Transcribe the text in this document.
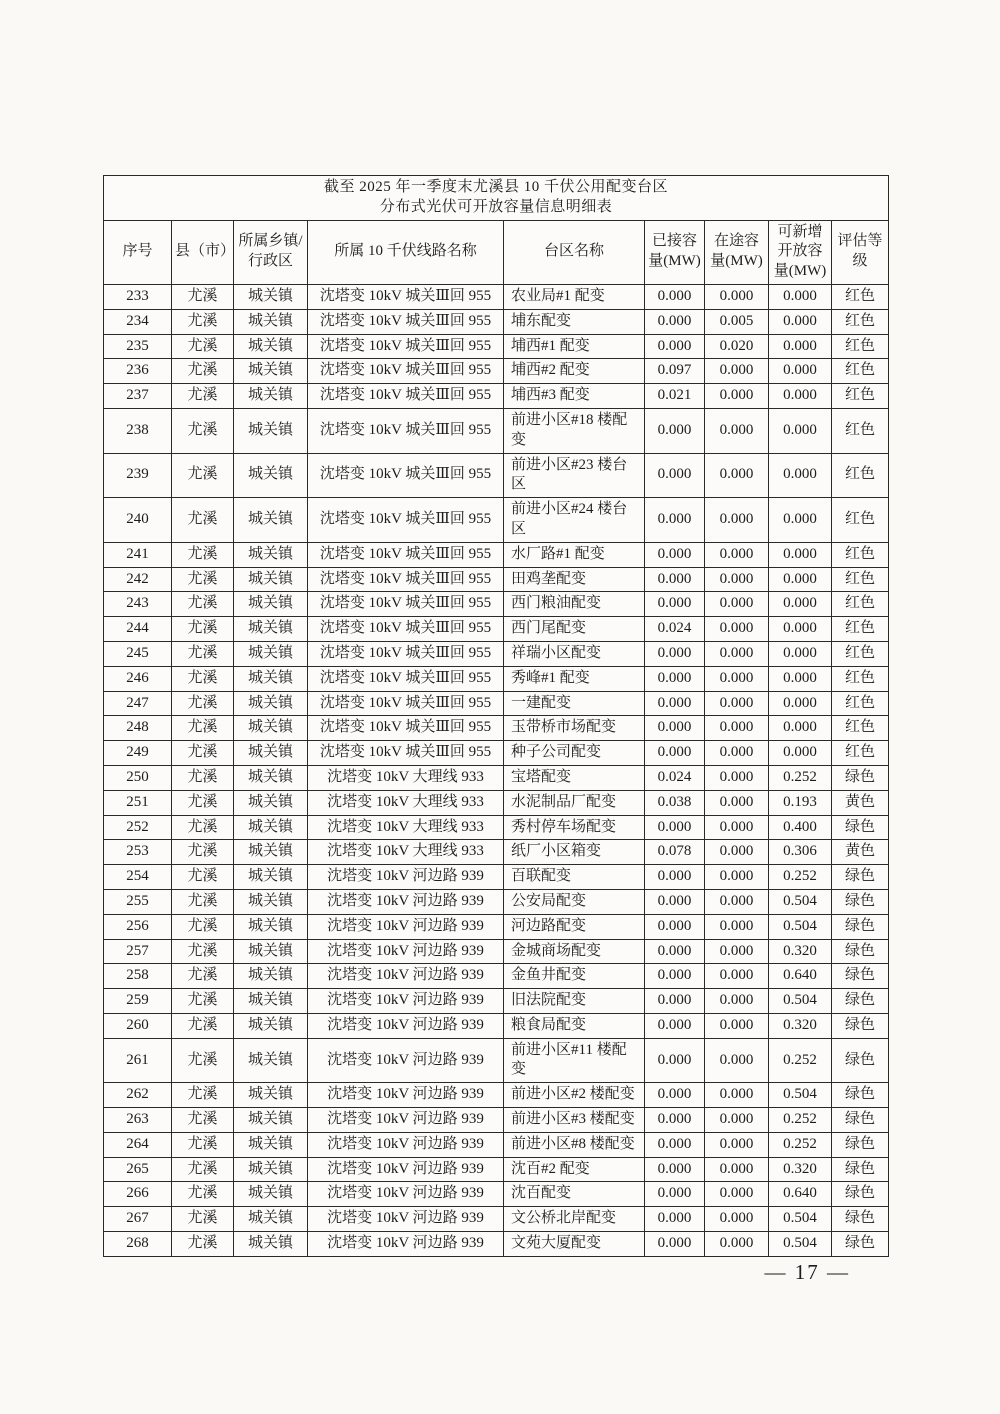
截至 2025 年一季度末尤溪县 10 千伏公用配变台区
分布式光伏可开放容量信息明细表								

序号	县（市）	所属乡镇/行政区	所属 10 千伏线路名称	台区名称	已接容量(MW)	在途容量(MW)	可新增开放容量(MW)	评估等级
233	尤溪	城关镇	沈塔变 10kV 城关Ⅲ回 955	农业局#1 配变	0.000	0.000	0.000	红色
234	尤溪	城关镇	沈塔变 10kV 城关Ⅲ回 955	埔东配变	0.000	0.005	0.000	红色
235	尤溪	城关镇	沈塔变 10kV 城关Ⅲ回 955	埔西#1 配变	0.000	0.020	0.000	红色
236	尤溪	城关镇	沈塔变 10kV 城关Ⅲ回 955	埔西#2 配变	0.097	0.000	0.000	红色
237	尤溪	城关镇	沈塔变 10kV 城关Ⅲ回 955	埔西#3 配变	0.021	0.000	0.000	红色
238	尤溪	城关镇	沈塔变 10kV 城关Ⅲ回 955	前进小区#18 楼配变	0.000	0.000	0.000	红色
239	尤溪	城关镇	沈塔变 10kV 城关Ⅲ回 955	前进小区#23 楼台区	0.000	0.000	0.000	红色
240	尤溪	城关镇	沈塔变 10kV 城关Ⅲ回 955	前进小区#24 楼台区	0.000	0.000	0.000	红色
241	尤溪	城关镇	沈塔变 10kV 城关Ⅲ回 955	水厂路#1 配变	0.000	0.000	0.000	红色
242	尤溪	城关镇	沈塔变 10kV 城关Ⅲ回 955	田鸡垄配变	0.000	0.000	0.000	红色
243	尤溪	城关镇	沈塔变 10kV 城关Ⅲ回 955	西门粮油配变	0.000	0.000	0.000	红色
244	尤溪	城关镇	沈塔变 10kV 城关Ⅲ回 955	西门尾配变	0.024	0.000	0.000	红色
245	尤溪	城关镇	沈塔变 10kV 城关Ⅲ回 955	祥瑞小区配变	0.000	0.000	0.000	红色
246	尤溪	城关镇	沈塔变 10kV 城关Ⅲ回 955	秀峰#1 配变	0.000	0.000	0.000	红色
247	尤溪	城关镇	沈塔变 10kV 城关Ⅲ回 955	一建配变	0.000	0.000	0.000	红色
248	尤溪	城关镇	沈塔变 10kV 城关Ⅲ回 955	玉带桥市场配变	0.000	0.000	0.000	红色
249	尤溪	城关镇	沈塔变 10kV 城关Ⅲ回 955	种子公司配变	0.000	0.000	0.000	红色
250	尤溪	城关镇	沈塔变 10kV 大理线 933	宝塔配变	0.024	0.000	0.252	绿色
251	尤溪	城关镇	沈塔变 10kV 大理线 933	水泥制品厂配变	0.038	0.000	0.193	黄色
252	尤溪	城关镇	沈塔变 10kV 大理线 933	秀村停车场配变	0.000	0.000	0.400	绿色
253	尤溪	城关镇	沈塔变 10kV 大理线 933	纸厂小区箱变	0.078	0.000	0.306	黄色
254	尤溪	城关镇	沈塔变 10kV 河边路 939	百联配变	0.000	0.000	0.252	绿色
255	尤溪	城关镇	沈塔变 10kV 河边路 939	公安局配变	0.000	0.000	0.504	绿色
256	尤溪	城关镇	沈塔变 10kV 河边路 939	河边路配变	0.000	0.000	0.504	绿色
257	尤溪	城关镇	沈塔变 10kV 河边路 939	金城商场配变	0.000	0.000	0.320	绿色
258	尤溪	城关镇	沈塔变 10kV 河边路 939	金鱼井配变	0.000	0.000	0.640	绿色
259	尤溪	城关镇	沈塔变 10kV 河边路 939	旧法院配变	0.000	0.000	0.504	绿色
260	尤溪	城关镇	沈塔变 10kV 河边路 939	粮食局配变	0.000	0.000	0.320	绿色
261	尤溪	城关镇	沈塔变 10kV 河边路 939	前进小区#11 楼配变	0.000	0.000	0.252	绿色
262	尤溪	城关镇	沈塔变 10kV 河边路 939	前进小区#2 楼配变	0.000	0.000	0.504	绿色
263	尤溪	城关镇	沈塔变 10kV 河边路 939	前进小区#3 楼配变	0.000	0.000	0.252	绿色
264	尤溪	城关镇	沈塔变 10kV 河边路 939	前进小区#8 楼配变	0.000	0.000	0.252	绿色
265	尤溪	城关镇	沈塔变 10kV 河边路 939	沈百#2 配变	0.000	0.000	0.320	绿色
266	尤溪	城关镇	沈塔变 10kV 河边路 939	沈百配变	0.000	0.000	0.640	绿色
267	尤溪	城关镇	沈塔变 10kV 河边路 939	文公桥北岸配变	0.000	0.000	0.504	绿色
268	尤溪	城关镇	沈塔变 10kV 河边路 939	文苑大厦配变	0.000	0.000	0.504	绿色
— 17 —
